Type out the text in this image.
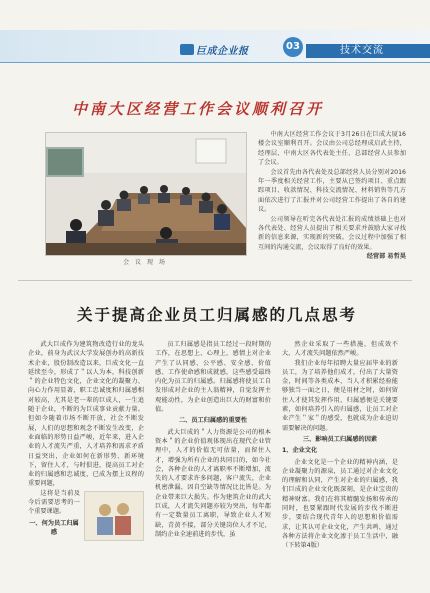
巨成企业报	03	技术交流
中南大区经营工作会议顺利召开
会 议 现 场

中南大区经营工作会议于3月26日在巨成大厦16楼会议室顺利召开。会议由公司总经理成启武主持，经理层、中南大区各代表处主任、总部经营人员参加了会议。

会议首先由各代表处及总部经营人员分别对2016年一季度相关经营工作，主要从已签约项目、重点跟踪项目、收款情况、科技交流情况、材料销售等几方面依次进行了汇报并对公司经营工作提出了各自的建议。

公司领导在听完各代表处汇报的成绩基础上也对各代表处、经营人员提出了相关要求并鼓励大家寻找新的信息来源，实现新的突破。会议过程中加强了相互间的沟通交流，会议取得了良好的效果。

经营部 易哲昊

关于提高企业员工归属感的几点思考

武大巨成作为建筑物改造行业的龙头企业，前身为武汉大学发展创办的高新技术企业，股份制改造以来，巨成文化一直延续至今，形成了＂以人为本，科技创新＂的企业特色文化，企业文化的凝聚力、向心力作用显著，职工忠诚度和归属感相对较高，尤其是老一辈的巨成人，一生追随于企业，不断的为巨成事业贡献力量。但如今随着市场不断开放，社会不断发展，人们的思想和观念不断发生改变，企业面临的形势日益严峻，近年来，进入企业的人才流失严重，人才培养和需求矛盾日益突出，企业如何在新形势、新环境下，留住人才，与时俱进，提高员工对企业的归属感和忠诚度，已成为摆上议程的重要问题，

这将是当前及今后需要思考的一个重要课题。

一、何为员工归属感

员工归属感是指员工经过一段时期的工作，在思想上、心理上，感情上对企业产生了认同感、公平感、安全感、价值感、工作使命感和成就感，这些感受最终内化为员工的归属感。归属感将使员工自发形成对企业的主人翁精神，自觉发挥主观能动性，为企业创造出巨大的财富和价值。

二、员工归属感的重要性

武大巨成的＂人力资源是公司的根本资本＂的企业价值观体现出在现代企业管理中，人才的价值无可估量，而留住人才，增强为所有企业的共同目的，如今社会，各种企业的人才离职率不断增加，流失的人才要求许多问题，客户流失，企业机密泄漏，因自空缺等情况比比皆是。为企业带来巨大损失。作为建筑企业的武大巨成，人才流失问题亦较为突出，每年都有一定数量员工离职，导致企业人才短缺，青黄不接，部分关键岗位人才不足，制约企业全速前进的步伐，虽

然企业采取了一些措施，但成效不大，人才流失问题依然严峻。

我们企业每年招聘大量应届毕业的新员工，为了培养他们成才，付出了大量资金，时间等各类成本，当人才积累经验能够独当一面之日，便是用材之时，如何留住人才使其发挥作用，归属感便是关键要素，如何培养引入的归属感，让员工对企业产生＂家＂的感受，也就成为企业迫切需要解决的问题。

三、影响员工归属感的因素

1、企业文化

企业文化是一个企业的精神内涵，是企业凝聚力的源泉，员工通过对企业文化的理解和认同，产生对企业的归属感，我们巨成的企业文化既深刻，是企业宝贵的精神财富。我们在将其精髓发扬和传承的同时，也要紧跟时代发展的步伐不断进步，要结合现代青年人的思想和价值需求，让其认可企业文化，产生共鸣，通过各种方法将企业文化渗于员工生活中，融（下转第4版）
